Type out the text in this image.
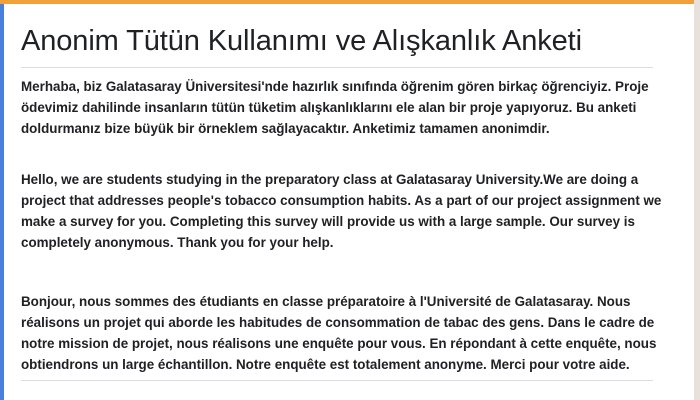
Anonim Tütün Kullanımı ve Alışkanlık Anketi

Merhaba, biz Galatasaray Üniversitesi'nde hazırlık sınıfında öğrenim gören birkaç öğrenciyiz. Proje ödevimiz dahilinde insanların tütün tüketim alışkanlıklarını ele alan bir proje yapıyoruz. Bu anketi doldurmanız bize büyük bir örneklem sağlayacaktır. Anketimiz tamamen anonimdir.

Hello, we are students studying in the preparatory class at Galatasaray University.We are doing a project that addresses people's tobacco consumption habits. As a part of our project assignment we make a survey for you. Completing this survey will provide us with a large sample. Our survey is completely anonymous. Thank you for your help.

Bonjour, nous sommes des étudiants en classe préparatoire à l'Université de Galatasaray. Nous réalisons un projet qui aborde les habitudes de consommation de tabac des gens. Dans le cadre de notre mission de projet, nous réalisons une enquête pour vous. En répondant à cette enquête, nous obtiendrons un large échantillon. Notre enquête est totalement anonyme. Merci pour votre aide.
